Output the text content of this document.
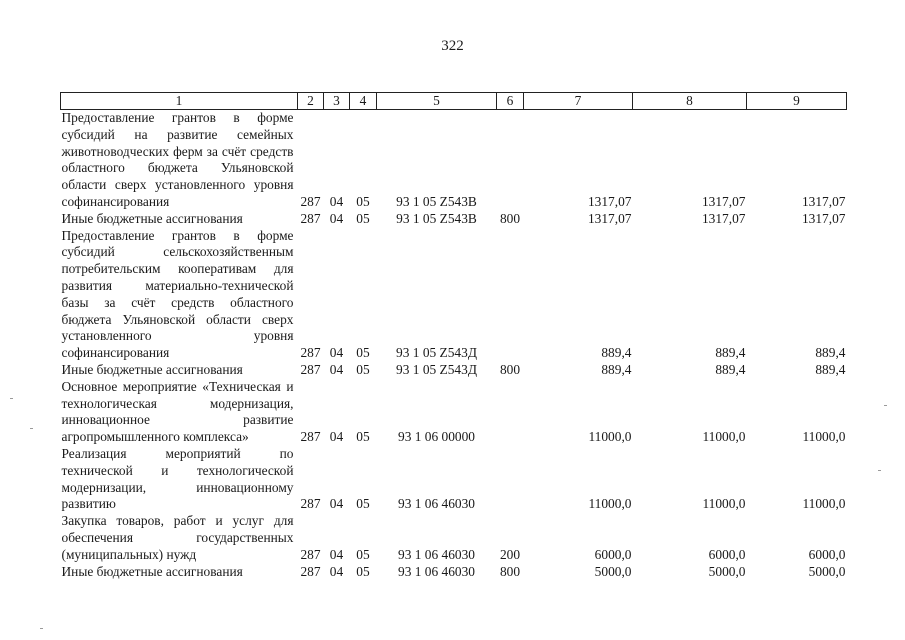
322
1	2	3	4	5	6	7	8	9
Предоставление грантов в форме субсидий на развитие семейных животноводческих ферм за счёт средств областного бюджета Ульяновской области сверх установленного уровня софинансирования	287	04	05	93 1 05 Z543В		1317,07	1317,07	1317,07
Иные бюджетные ассигнования	287	04	05	93 1 05 Z543В	800	1317,07	1317,07	1317,07
Предоставление грантов в форме субсидий сельскохозяйственным потребительским кооперативам для развития материально-технической базы за счёт средств областного бюджета Ульяновской области сверх установленного уровня софинансирования	287	04	05	93 1 05 Z543Д		889,4	889,4	889,4
Иные бюджетные ассигнования	287	04	05	93 1 05 Z543Д	800	889,4	889,4	889,4
Основное мероприятие «Техническая и технологическая модернизация, инновационное развитие агропромышленного комплекса»	287	04	05	93 1 06 00000		11000,0	11000,0	11000,0
Реализация мероприятий по технической и технологической модернизации, инновационному развитию	287	04	05	93 1 06 46030		11000,0	11000,0	11000,0
Закупка товаров, работ и услуг для обеспечения государственных (муниципальных) нужд	287	04	05	93 1 06 46030	200	6000,0	6000,0	6000,0
Иные бюджетные ассигнования	287	04	05	93 1 06 46030	800	5000,0	5000,0	5000,0
